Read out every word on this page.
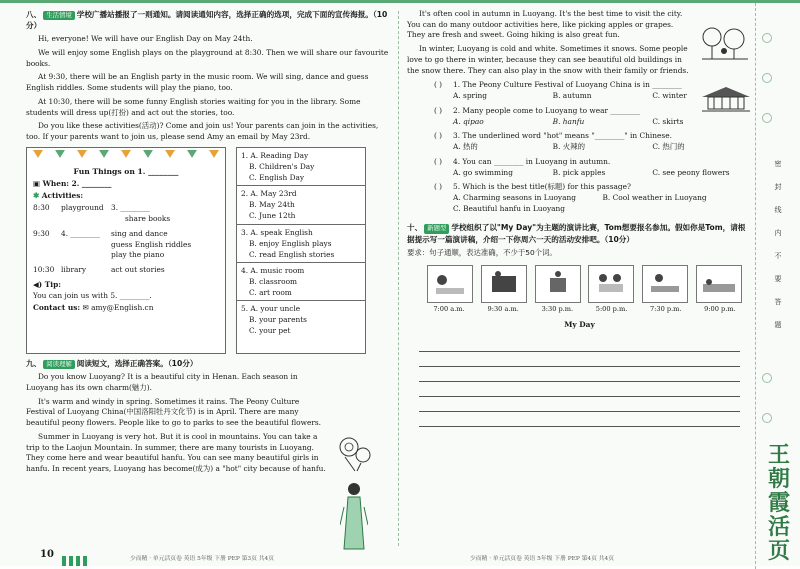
八、 生活情境 学校广播站播报了一则通知。请阅读通知内容，选择正确的选项，完成下面的宣传海报。（10分）

Hi, everyone! We will have our English Day on May 24th.

We will enjoy some English plays on the playground at 8:30. Then we will share our favourite books.

At 9:30, there will be an English party in the music room. We will sing, dance and guess English riddles. Some students will play the piano, too.

At 10:30, there will be some funny English stories waiting for you in the library. Some students will dress up(打扮) and act out the stories, too.

Do you like these activities(活动)? Come and join us! Your parents can join in the activities, too. If your parents want to join us, please send Amy an email by May 23rd.

Fun Things on 1. ________
▣ When: 2. ________
✱ Activities:
8:30	playground 3. ________
share books
9:30	4. ________	sing and dance
guess English riddles
play the piano
10:30 library	act out stories
◀) Tip:
You can join us with 5. ________.
Contact us: ✉ amy@English.cn
1. A. Reading Day
B. Children's Day
C. English Day
2. A. May 23rd
B. May 24th
C. June 12th
3. A. speak English
B. enjoy English plays
C. read English stories
4. A. music room
B. classroom
C. art room
5. A. your uncle
B. your parents
C. your pet
九、 阅读理解 阅读短文，选择正确答案。（10分）

Do you know Luoyang? It is a beautiful city in Henan. Each season in Luoyang has its own charm(魅力).

It's warm and windy in spring. Sometimes it rains. The Peony Culture Festival of Luoyang China(中国洛阳牡丹文化节) is in April. There are many beautiful peony flowers. People like to go to parks to see the beautiful flowers.

Summer in Luoyang is very hot. But it is cool in mountains. You can take a trip to the Laojun Mountain. In summer, there are many tourists in Luoyang. They come here and wear beautiful hanfu. You can see many beautiful girls in hanfu. In recent years, Luoyang has become(成为) a "hot" city because of hanfu.

It's often cool in autumn in Luoyang. It's the best time to visit the city. You can do many outdoor activities here, like picking apples or grapes. They are fresh and sweet. Going hiking is also great fun.

In winter, Luoyang is cold and white. Sometimes it snows. Some people love to go there in winter, because they can see beautiful old buildings in the snow there. They can also play in the snow with their family or friends.

( )	1. The Peony Culture Festival of Luoyang China is in ________
A. spring	B. autumn	C. winter
( )	2. Many people come to Luoyang to wear ________
A. qipao	B. hanfu	C. skirts
( )	3. The underlined word "hot" means "________" in Chinese.
A. 热的	B. 火辣的	C. 热门的
( )	4. You can ________ in Luoyang in autumn.
A. go swimming	B. pick apples	C. see peony flowers
( )	5. Which is the best title(标题) for this passage?
A. Charming seasons in Luoyang	B. Cool weather in Luoyang
C. Beautiful hanfu in Luoyang
十、 新题型 学校组织了以"My Day"为主题的演讲比赛，Tom想要报名参加。假如你是Tom，请根据提示写一篇演讲稿，介绍一下你周六一天的活动安排吧。（10分）
要求：句子通顺，表达准确，不少于50个词。
7:00 a.m.	9:30 a.m.	3:30 p.m.	5:00 p.m.	7:30 p.m.	9:00 p.m.
My Day
密
封
线
内
不
要
答
题
王
朝
霞
活
页
10	少而精 · 单元活页卷 英语 5年级 下册 PEP 第3页 共4页	少而精 · 单元活页卷 英语 5年级 下册 PEP 第4页 共4页
